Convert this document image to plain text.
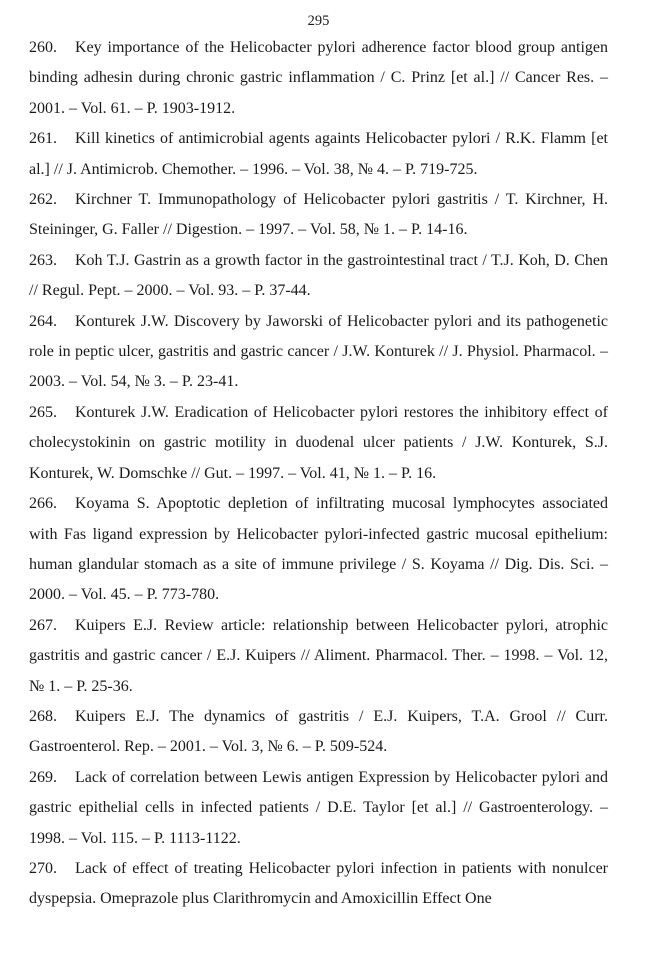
295
260. Key importance of the Helicobacter pylori adherence factor blood group antigen binding adhesin during chronic gastric inflammation / C. Prinz [et al.] // Cancer Res. – 2001. – Vol. 61. – P. 1903-1912.
261. Kill kinetics of antimicrobial agents againts Helicobacter pylori / R.K. Flamm [et al.] // J. Antimicrob. Chemother. – 1996. – Vol. 38, № 4. – P. 719-725.
262. Kirchner T. Immunopathology of Helicobacter pylori gastritis / T. Kirchner, H. Steininger, G. Faller // Digestion. – 1997. – Vol. 58, № 1. – P. 14-16.
263. Koh T.J. Gastrin as a growth factor in the gastrointestinal tract / T.J. Koh, D. Chen // Regul. Pept. – 2000. – Vol. 93. – P. 37-44.
264. Konturek J.W. Discovery by Jaworski of Helicobacter pylori and its pathogenetic role in peptic ulcer, gastritis and gastric cancer / J.W. Konturek // J. Physiol. Pharmacol. – 2003. – Vol. 54, № 3. – P. 23-41.
265. Konturek J.W. Eradication of Helicobacter pylori restores the inhibitory effect of cholecystokinin on gastric motility in duodenal ulcer patients / J.W. Konturek, S.J. Konturek, W. Domschke // Gut. – 1997. – Vol. 41, № 1. – P. 16.
266. Koyama S. Apoptotic depletion of infiltrating mucosal lymphocytes associated with Fas ligand expression by Helicobacter pylori-infected gastric mucosal epithelium: human glandular stomach as a site of immune privilege / S. Koyama // Dig. Dis. Sci. – 2000. – Vol. 45. – P. 773-780.
267. Kuipers E.J. Review article: relationship between Helicobacter pylori, atrophic gastritis and gastric cancer / E.J. Kuipers // Aliment. Pharmacol. Ther. – 1998. – Vol. 12, № 1. – P. 25-36.
268. Kuipers E.J. The dynamics of gastritis / E.J. Kuipers, T.A. Grool // Curr. Gastroenterol. Rep. – 2001. – Vol. 3, № 6. – P. 509-524.
269. Lack of correlation between Lewis antigen Expression by Helicobacter pylori and gastric epithelial cells in infected patients / D.E. Taylor [et al.] // Gastroenterology. – 1998. – Vol. 115. – P. 1113-1122.
270. Lack of effect of treating Helicobacter pylori infection in patients with nonulcer dyspepsia. Omeprazole plus Clarithromycin and Amoxicillin Effect One
